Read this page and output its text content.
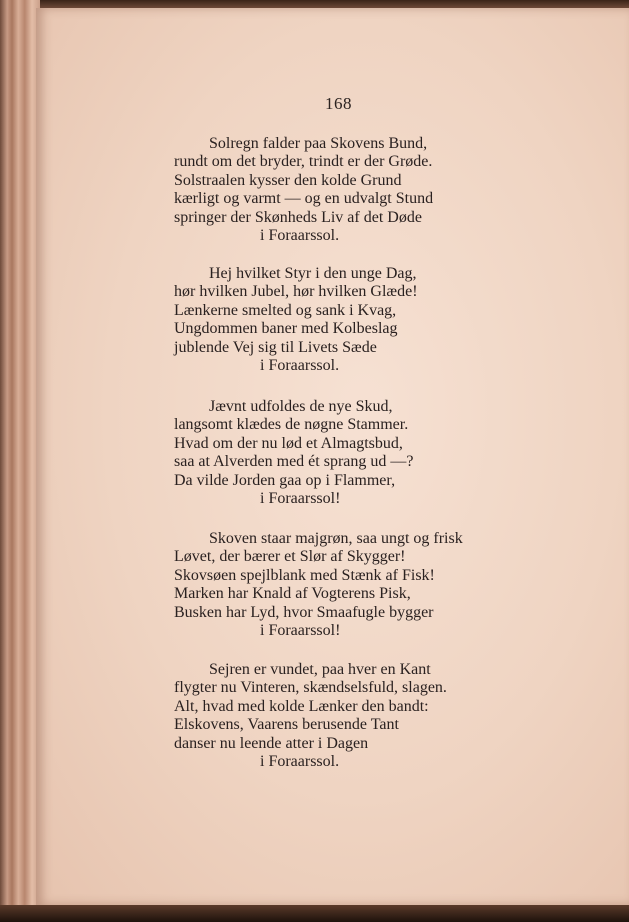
168
Solregn falder paa Skovens Bund,
rundt om det bryder, trindt er der Grøde.
Solstraalen kysser den kolde Grund
kærligt og varmt — og en udvalgt Stund
springer der Skønheds Liv af det Døde
i Foraarssol.
Hej hvilket Styr i den unge Dag,
hør hvilken Jubel, hør hvilken Glæde!
Lænkerne smelted og sank i Kvag,
Ungdommen baner med Kolbeslag
jublende Vej sig til Livets Sæde
i Foraarssol.
Jævnt udfoldes de nye Skud,
langsomt klædes de nøgne Stammer.
Hvad om der nu lød et Almagtsbud,
saa at Alverden med ét sprang ud —?
Da vilde Jorden gaa op i Flammer,
i Foraarssol!
Skoven staar majgrøn, saa ungt og frisk
Løvet, der bærer et Slør af Skygger!
Skovsøen spejlblank med Stænk af Fisk!
Marken har Knald af Vogterens Pisk,
Busken har Lyd, hvor Smaafugle bygger
i Foraarssol!
Sejren er vundet, paa hver en Kant
flygter nu Vinteren, skændselsfuld, slagen.
Alt, hvad med kolde Lænker den bandt:
Elskovens, Vaarens berusende Tant
danser nu leende atter i Dagen
i Foraarssol.
